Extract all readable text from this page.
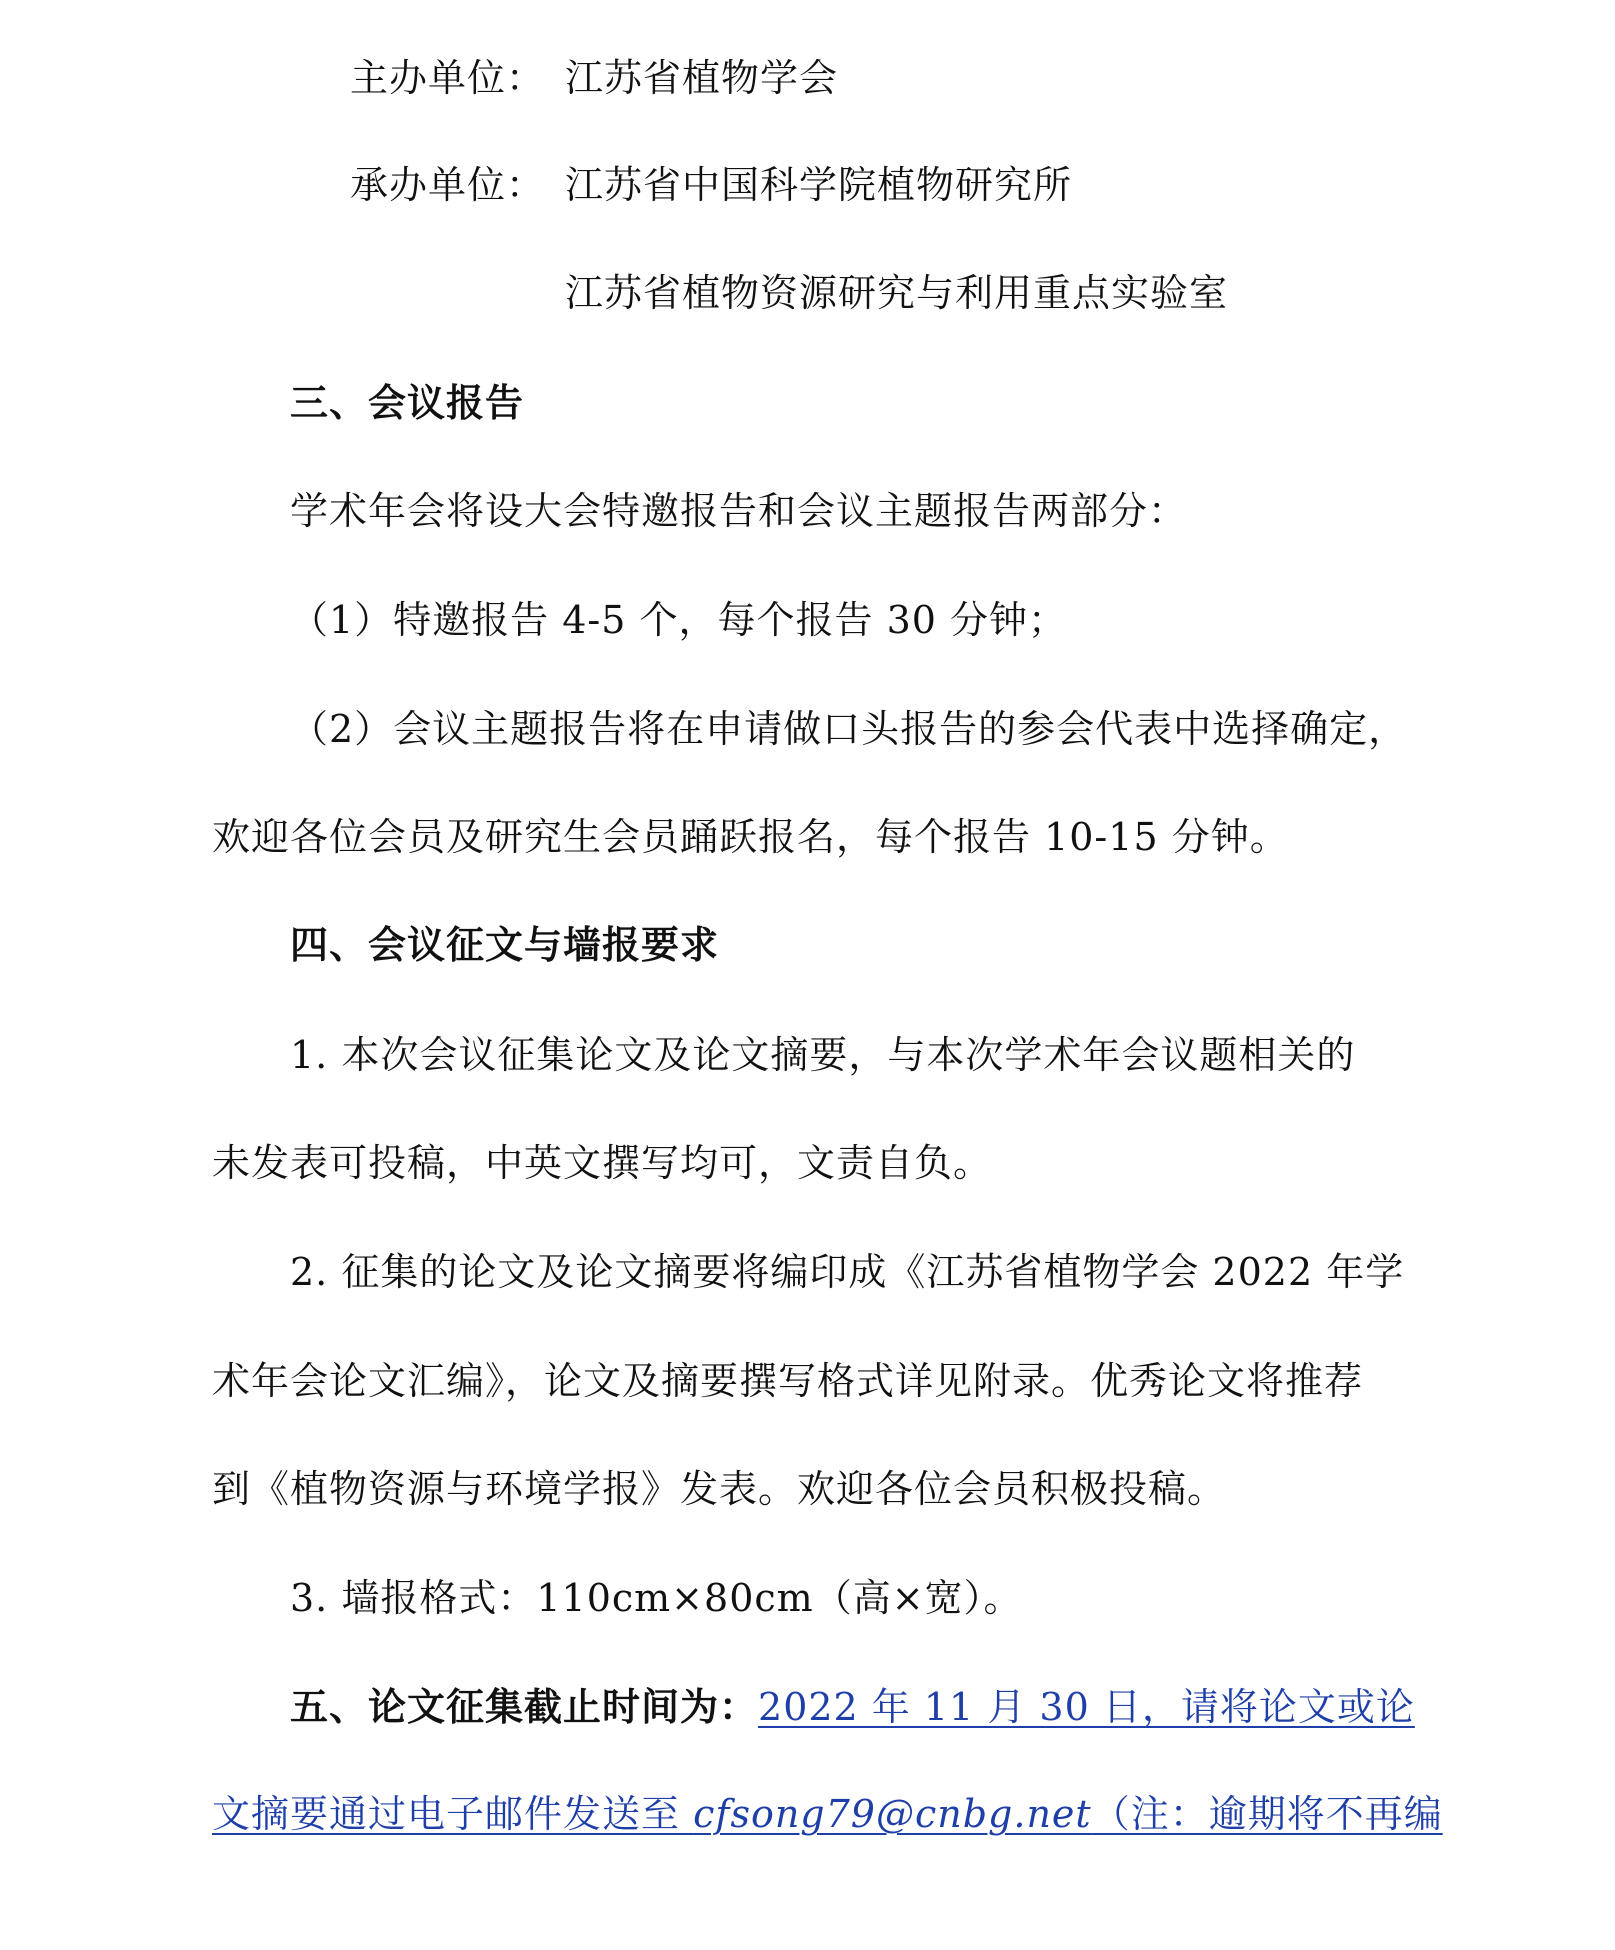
主办单位： 江苏省植物学会
承办单位： 江苏省中国科学院植物研究所
江苏省植物资源研究与利用重点实验室
三、会议报告
学术年会将设大会特邀报告和会议主题报告两部分：
（1）特邀报告 4-5 个，每个报告 30 分钟；
（2）会议主题报告将在申请做口头报告的参会代表中选择确定，
欢迎各位会员及研究生会员踊跃报名，每个报告 10-15 分钟。
四、会议征文与墙报要求
1. 本次会议征集论文及论文摘要，与本次学术年会议题相关的
未发表可投稿，中英文撰写均可，文责自负。
2. 征集的论文及论文摘要将编印成《江苏省植物学会 2022 年学
术年会论文汇编》，论文及摘要撰写格式详见附录。优秀论文将推荐
到《植物资源与环境学报》发表。欢迎各位会员积极投稿。
3. 墙报格式：110cm×80cm（高×宽）。
五、论文征集截止时间为：2022 年 11 月 30 日，请将论文或论
文摘要通过电子邮件发送至 cfsong79@cnbg.net（注：逾期将不再编
